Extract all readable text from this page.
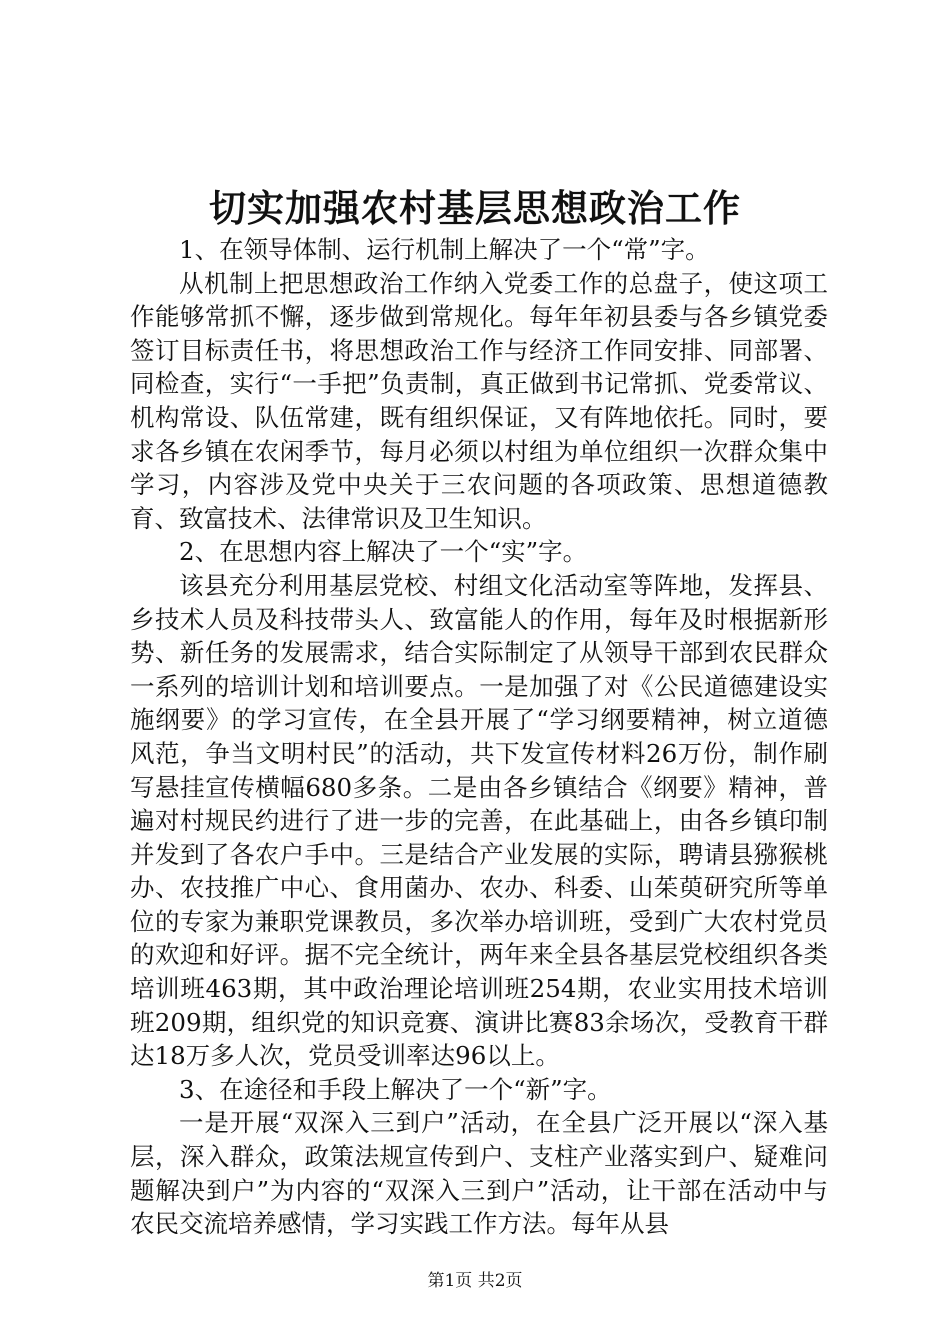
切实加强农村基层思想政治工作

1、在领导体制、运行机制上解决了一个“常”字。

从机制上把思想政治工作纳入党委工作的总盘子，使这项工作能够常抓不懈，逐步做到常规化。每年年初县委与各乡镇党委签订目标责任书，将思想政治工作与经济工作同安排、同部署、同检查，实行“一手把”负责制，真正做到书记常抓、党委常议、机构常设、队伍常建，既有组织保证，又有阵地依托。同时，要求各乡镇在农闲季节，每月必须以村组为单位组织一次群众集中学习，内容涉及党中央关于三农问题的各项政策、思想道德教育、致富技术、法律常识及卫生知识。

2、在思想内容上解决了一个“实”字。

该县充分利用基层党校、村组文化活动室等阵地，发挥县、乡技术人员及科技带头人、致富能人的作用，每年及时根据新形势、新任务的发展需求，结合实际制定了从领导干部到农民群众一系列的培训计划和培训要点。一是加强了对《公民道德建设实施纲要》的学习宣传，在全县开展了“学习纲要精神，树立道德风范，争当文明村民”的活动，共下发宣传材料26万份，制作刷写悬挂宣传横幅680多条。二是由各乡镇结合《纲要》精神，普遍对村规民约进行了进一步的完善，在此基础上，由各乡镇印制并发到了各农户手中。三是结合产业发展的实际，聘请县猕猴桃办、农技推广中心、食用菌办、农办、科委、山茱萸研究所等单位的专家为兼职党课教员，多次举办培训班，受到广大农村党员的欢迎和好评。据不完全统计，两年来全县各基层党校组织各类培训班463期，其中政治理论培训班254期，农业实用技术培训班209期，组织党的知识竞赛、演讲比赛83余场次，受教育干群达18万多人次，党员受训率达96以上。

3、在途径和手段上解决了一个“新”字。

一是开展“双深入三到户”活动，在全县广泛开展以“深入基层，深入群众，政策法规宣传到户、支柱产业落实到户、疑难问题解决到户”为内容的“双深入三到户”活动，让干部在活动中与农民交流培养感情，学习实践工作方法。每年从县

第1页 共2页
